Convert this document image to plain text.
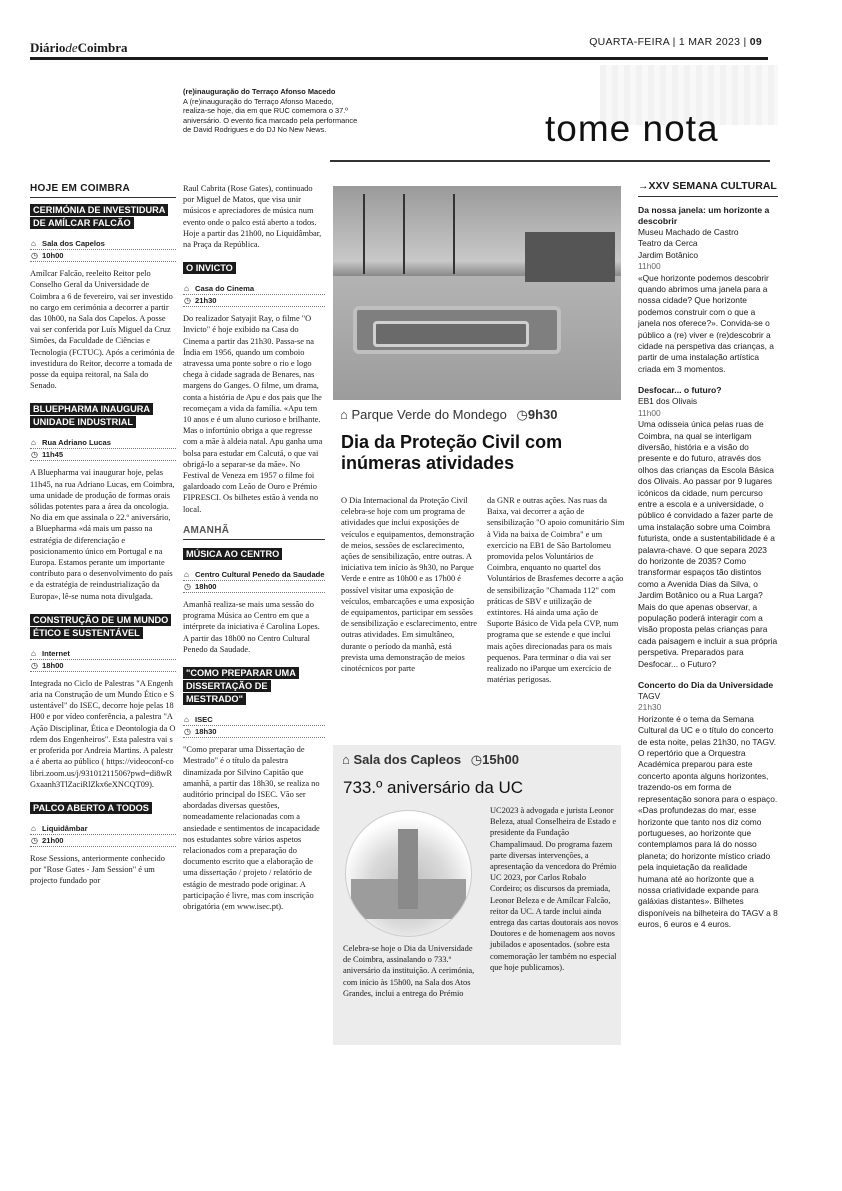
DiáriodeCoimbra	QUARTA-FEIRA | 1 MAR 2023 | 09
(re)inauguração do Terraço Afonso Macedo
A (re)inauguração do Terraço Afonso Macedo, realiza-se hoje, dia em que RUC comemora o 37.º aniversário. O evento fica marcado pela performance de David Rodrigues e do DJ No New News.	tome nota
HOJE EM COIMBRA
CERIMÓNIA DE INVESTIDURA DE AMÍLCAR FALCÃO
⌂ Sala dos Capelos
◷ 10h00
Amílcar Falcão, reeleito Reitor pelo Conselho Geral da Universidade de Coimbra a 6 de fevereiro, vai ser investido no cargo em cerimónia a decorrer a partir das 10h00, na Sala dos Capelos. A posse vai ser conferida por Luís Miguel da Cruz Simões, da Faculdade de Ciências e Tecnologia (FCTUC). Após a cerimónia de investidura do Reitor, decorre a tomada de posse da equipa reitoral, na Sala do Senado.
BLUEPHARMA INAUGURA UNIDADE INDUSTRIAL
⌂ Rua Adriano Lucas
◷ 11h45
A Bluepharma vai inaugurar hoje, pelas 11h45, na rua Adriano Lucas, em Coimbra, uma unidade de produção de formas orais sólidas potentes para a área da oncologia. No dia em que assinala o 22.º aniversário, a Bluepharma «dá mais um passo na estratégia de diferenciação e posicionamento único em Portugal e na Europa. Estamos perante um importante contributo para o desenvolvimento do país e da estratégia de reindustrialização da Europa», lê-se numa nota divulgada.
CONSTRUÇÃO DE UM MUNDO ÉTICO E SUSTENTÁVEL
⌂ Internet
◷ 18h00
Integrada no Ciclo de Palestras "A Engenharia na Construção de um Mundo Ético e Sustentável" do ISEC, decorre hoje pelas 18H00 e por vídeo conferência, a palestra "A Ação Disciplinar, Ética e Deontologia da Ordem dos Engenheiros". Esta palestra vai ser proferida por Andreia Martins. A palestra é aberta ao público ( https://videoconf-colibri.zoom.us/j/93101211506?pwd=di8wRGxaanh3TlZaciRlZkx6eXNCQT09).
PALCO ABERTO A TODOS
⌂ Liquidâmbar
◷ 21h00
Rose Sessions, anteriormente conhecido por "Rose Gates - Jam Session" é um projecto fundado por
Raul Cabrita (Rose Gates), continuado por Miguel de Matos, que visa unir músicos e apreciadores de música num evento onde o palco está aberto a todos. Hoje a partir das 21h00, no Liquidâmbar, na Praça da República.
O INVICTO
⌂ Casa do Cinema
◷ 21h30
Do realizador Satyajit Ray, o filme "O Invicto" é hoje exibido na Casa do Cinema a partir das 21h30. Passa-se na Índia em 1956, quando um comboio atravessa uma ponte sobre o rio e logo chega à cidade sagrada de Benares, nas margens do Ganges. O filme, um drama, conta a história de Apu e dos pais que lhe recomeçam a vida da família. «Apu tem 10 anos e é um aluno curioso e brilhante. Mas o infortúnio obriga a que regresse com a mãe à aldeia natal. Apu ganha uma bolsa para estudar em Calcutá, o que vai obrigá-lo a separar-se da mãe». No Festival de Veneza em 1957 o filme foi galardoado com Leão de Ouro e Prémio FIPRESCI. Os bilhetes estão à venda no local.
AMANHÃ
MÚSICA AO CENTRO
⌂ Centro Cultural Penedo da Saudade
◷ 18h00
Amanhã realiza-se mais uma sessão do programa Música ao Centro em que a intérprete da iniciativa é Carolina Lopes. A partir das 18h00 no Centro Cultural Penedo da Saudade.
"COMO PREPARAR UMA DISSERTAÇÃO DE MESTRADO"
⌂ ISEC
◷ 18h30
"Como preparar uma Dissertação de Mestrado" é o título da palestra dinamizada por Silvino Capitão que amanhã, a partir das 18h30, se realiza no auditório principal do ISEC. Vão ser abordadas diversas questões, nomeadamente relacionadas com a ansiedade e sentimentos de incapacidade nos estudantes sobre vários aspetos relacionados com a preparação do documento escrito que a elaboração de uma dissertação / projeto / relatório de estágio de mestrado pode originar. A participação é livre, mas com inscrição obrigatória (em www.isec.pt).
⌂ Parque Verde do Mondego ◷9h30
Dia da Proteção Civil com inúmeras atividades
O Dia Internacional da Proteção Civil celebra-se hoje com um programa de atividades que inclui exposições de veículos e equipamentos, demonstração de meios, sessões de esclarecimento, ações de sensibilização, entre outras. A iniciativa tem início às 9h30, no Parque Verde e entre as 10h00 e as 17h00 é possível visitar uma exposição de veículos, embarcações e uma exposição de equipamentos, participar em sessões de sensibilização e esclarecimento, entre outras atividades. Em simultâneo, durante o período da manhã, está prevista uma demonstração de meios cinotécnicos por parte
da GNR e outras ações. Nas ruas da Baixa, vai decorrer a ação de sensibilização "O apoio comunitário Sim à Vida na baixa de Coimbra" e um exercício na EB1 de São Bartolomeu promovida pelos Voluntários de Coimbra, enquanto no quartel dos Voluntários de Brasfemes decorre a ação de sensibilização "Chamada 112" com práticas de SBV e utilização de extintores. Há ainda uma ação de Suporte Básico de Vida pela CVP, num programa que se estende e que inclui mais ações direcionadas para os mais pequenos. Para terminar o dia vai ser realizado no iParque um exercício de matérias perigosas.
⌂ Sala dos Capleos ◷15h00
733.º aniversário da UC
Celebra-se hoje o Dia da Universidade de Coimbra, assinalando o 733.º aniversário da instituição. A cerimónia, com início às 15h00, na Sala dos Atos Grandes, inclui a entrega do Prémio
UC2023 à advogada e jurista Leonor Beleza, atual Conselheira de Estado e presidente da Fundação Champalimaud. Do programa fazem parte diversas intervenções, a apresentação da vencedora do Prémio UC 2023, por Carlos Robalo Cordeiro; os discursos da premiada, Leonor Beleza e de Amílcar Falcão, reitor da UC. A tarde inclui ainda entrega das cartas doutorais aos novos Doutores e de homenagem aos novos jubilados e aposentados. (sobre esta comemoração ler também no especial que hoje publicamos).
→XXV SEMANA CULTURAL
Da nossa janela: um horizonte a descobrir
Museu Machado de Castro
Teatro da Cerca
Jardim Botânico
11h00
«Que horizonte podemos descobrir quando abrimos uma janela para a nossa cidade? Que horizonte podemos construir com o que a janela nos oferece?». Convida-se o público a (re) viver e (re)descobrir a cidade na perspetiva das crianças, a partir de uma instalação artística criada em 3 momentos.
Desfocar... o futuro?
EB1 dos Olivais
11h00
Uma odisseia única pelas ruas de Coimbra, na qual se interligam diversão, história e a visão do presente e do futuro, através dos olhos das crianças da Escola Básica dos Olivais. Ao passar por 9 lugares icónicos da cidade, num percurso entre a escola e a universidade, o público é convidado a fazer parte de uma instalação sobre uma Coimbra futurista, onde a sustentabilidade é a palavra-chave. O que separa 2023 do horizonte de 2035? Como transformar espaços tão distintos como a Avenida Dias da Silva, o Jardim Botânico ou a Rua Larga? Mais do que apenas observar, a população poderá interagir com a visão proposta pelas crianças para cada paisagem e incluir a sua própria perspetiva. Preparados para Desfocar... o Futuro?
Concerto do Dia da Universidade
TAGV
21h30
Horizonte é o tema da Semana Cultural da UC e o título do concerto de esta noite, pelas 21h30, no TAGV. O repertório que a Orquestra Académica preparou para este concerto aponta alguns horizontes, trazendo-os em forma de representação sonora para o espaço. «Das profundezas do mar, esse horizonte que tanto nos diz como portugueses, ao horizonte que contemplamos para lá do nosso planeta; do horizonte místico criado pela inquietação da realidade humana até ao horizonte que a nossa criatividade expande para galáxias distantes». Bilhetes disponíveis na bilheteira do TAGV a 8 euros, 6 euros e 4 euros.
